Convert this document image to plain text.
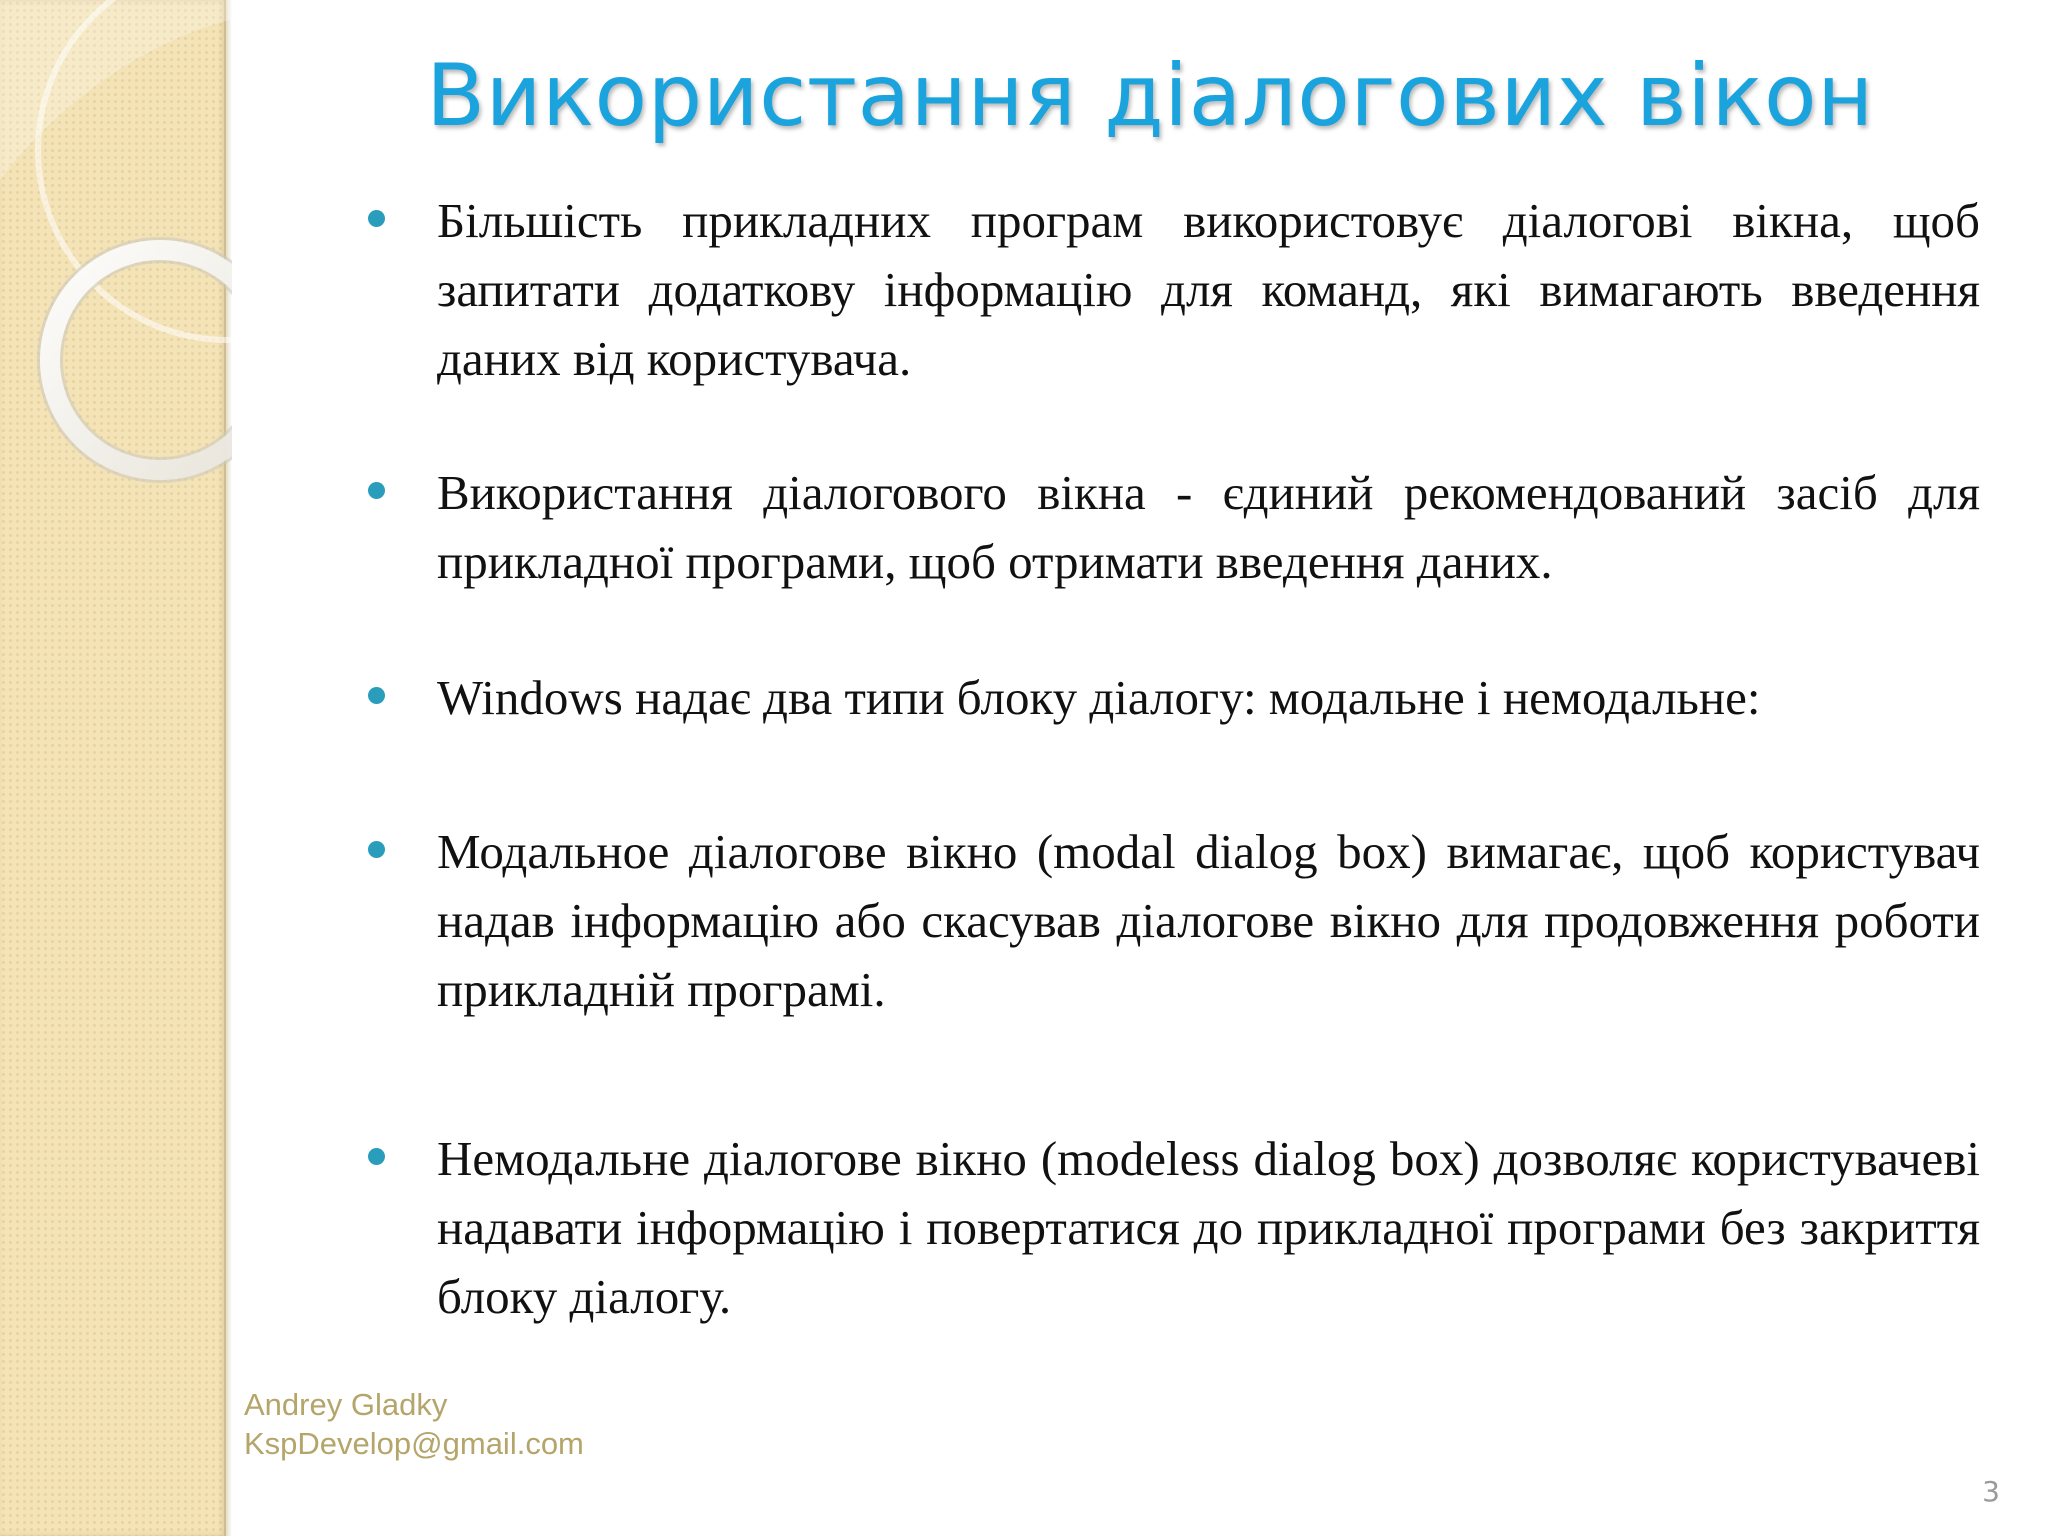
Використання діалогових вікон
Більшість прикладних програм використовує діалогові вікна, щоб запитати додаткову інформацію для команд, які вимагають введення даних від користувача.
Використання діалогового вікна - єдиний рекомендований засіб для прикладної програми, щоб отримати введення даних.
Windows надає два типи блоку діалогу: модальне і немодальне:
Модальное діалогове вікно (modal dialog box) вимагає, щоб користувач надав інформацію або скасував діалогове вікно для продовження роботи прикладній програмі.
Немодальне діалогове вікно (modeless dialog box) дозволяє користувачеві надавати інформацію і повертатися до прикладної програми без закриття блоку діалогу.
Andrey Gladky
KspDevelop@gmail.com
3
